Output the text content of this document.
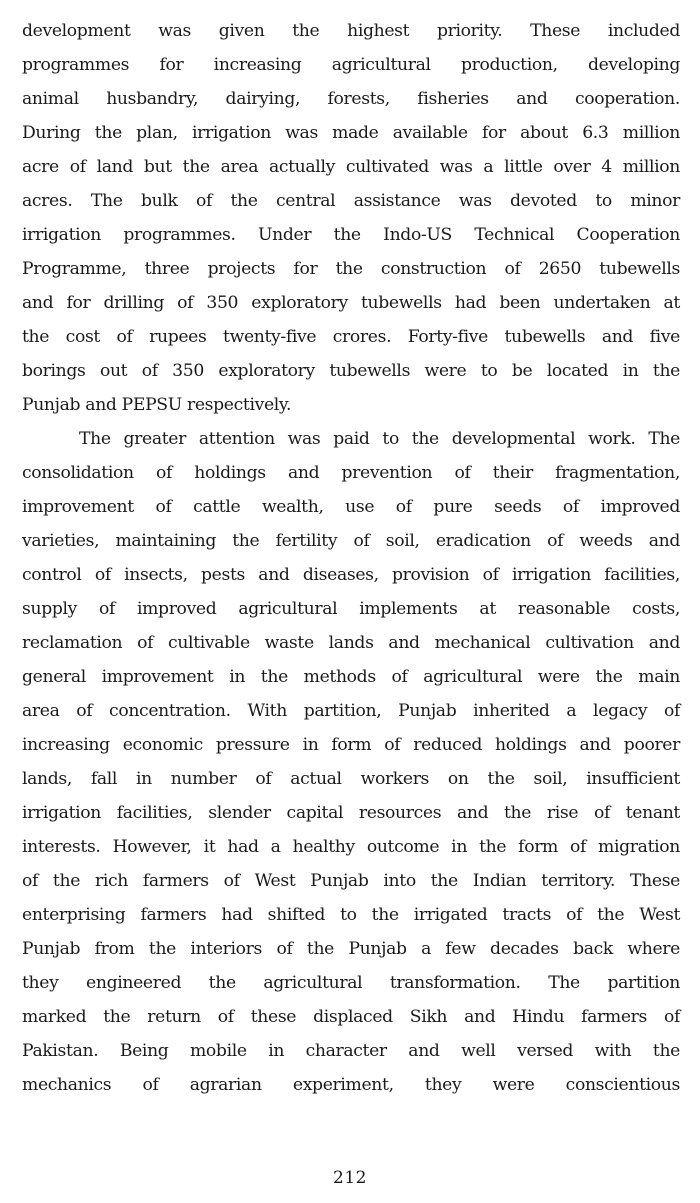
development was given the highest priority. These included
programmes for increasing agricultural production, developing
animal husbandry, dairying, forests, fisheries and cooperation.
During the plan, irrigation was made available for about 6.3 million
acre of land but the area actually cultivated was a little over 4 million
acres. The bulk of the central assistance was devoted to minor
irrigation programmes. Under the Indo-US Technical Cooperation
Programme, three projects for the construction of 2650 tubewells
and for drilling of 350 exploratory tubewells had been undertaken at
the cost of rupees twenty-five crores. Forty-five tubewells and five
borings out of 350 exploratory tubewells were to be located in the
Punjab and PEPSU respectively.
The greater attention was paid to the developmental work. The
consolidation of holdings and prevention of their fragmentation,
improvement of cattle wealth, use of pure seeds of improved
varieties, maintaining the fertility of soil, eradication of weeds and
control of insects, pests and diseases, provision of irrigation facilities,
supply of improved agricultural implements at reasonable costs,
reclamation of cultivable waste lands and mechanical cultivation and
general improvement in the methods of agricultural were the main
area of concentration. With partition, Punjab inherited a legacy of
increasing economic pressure in form of reduced holdings and poorer
lands, fall in number of actual workers on the soil, insufficient
irrigation facilities, slender capital resources and the rise of tenant
interests. However, it had a healthy outcome in the form of migration
of the rich farmers of West Punjab into the Indian territory. These
enterprising farmers had shifted to the irrigated tracts of the West
Punjab from the interiors of the Punjab a few decades back where
they engineered the agricultural transformation. The partition
marked the return of these displaced Sikh and Hindu farmers of
Pakistan. Being mobile in character and well versed with the
mechanics of agrarian experiment, they were conscientious
212
